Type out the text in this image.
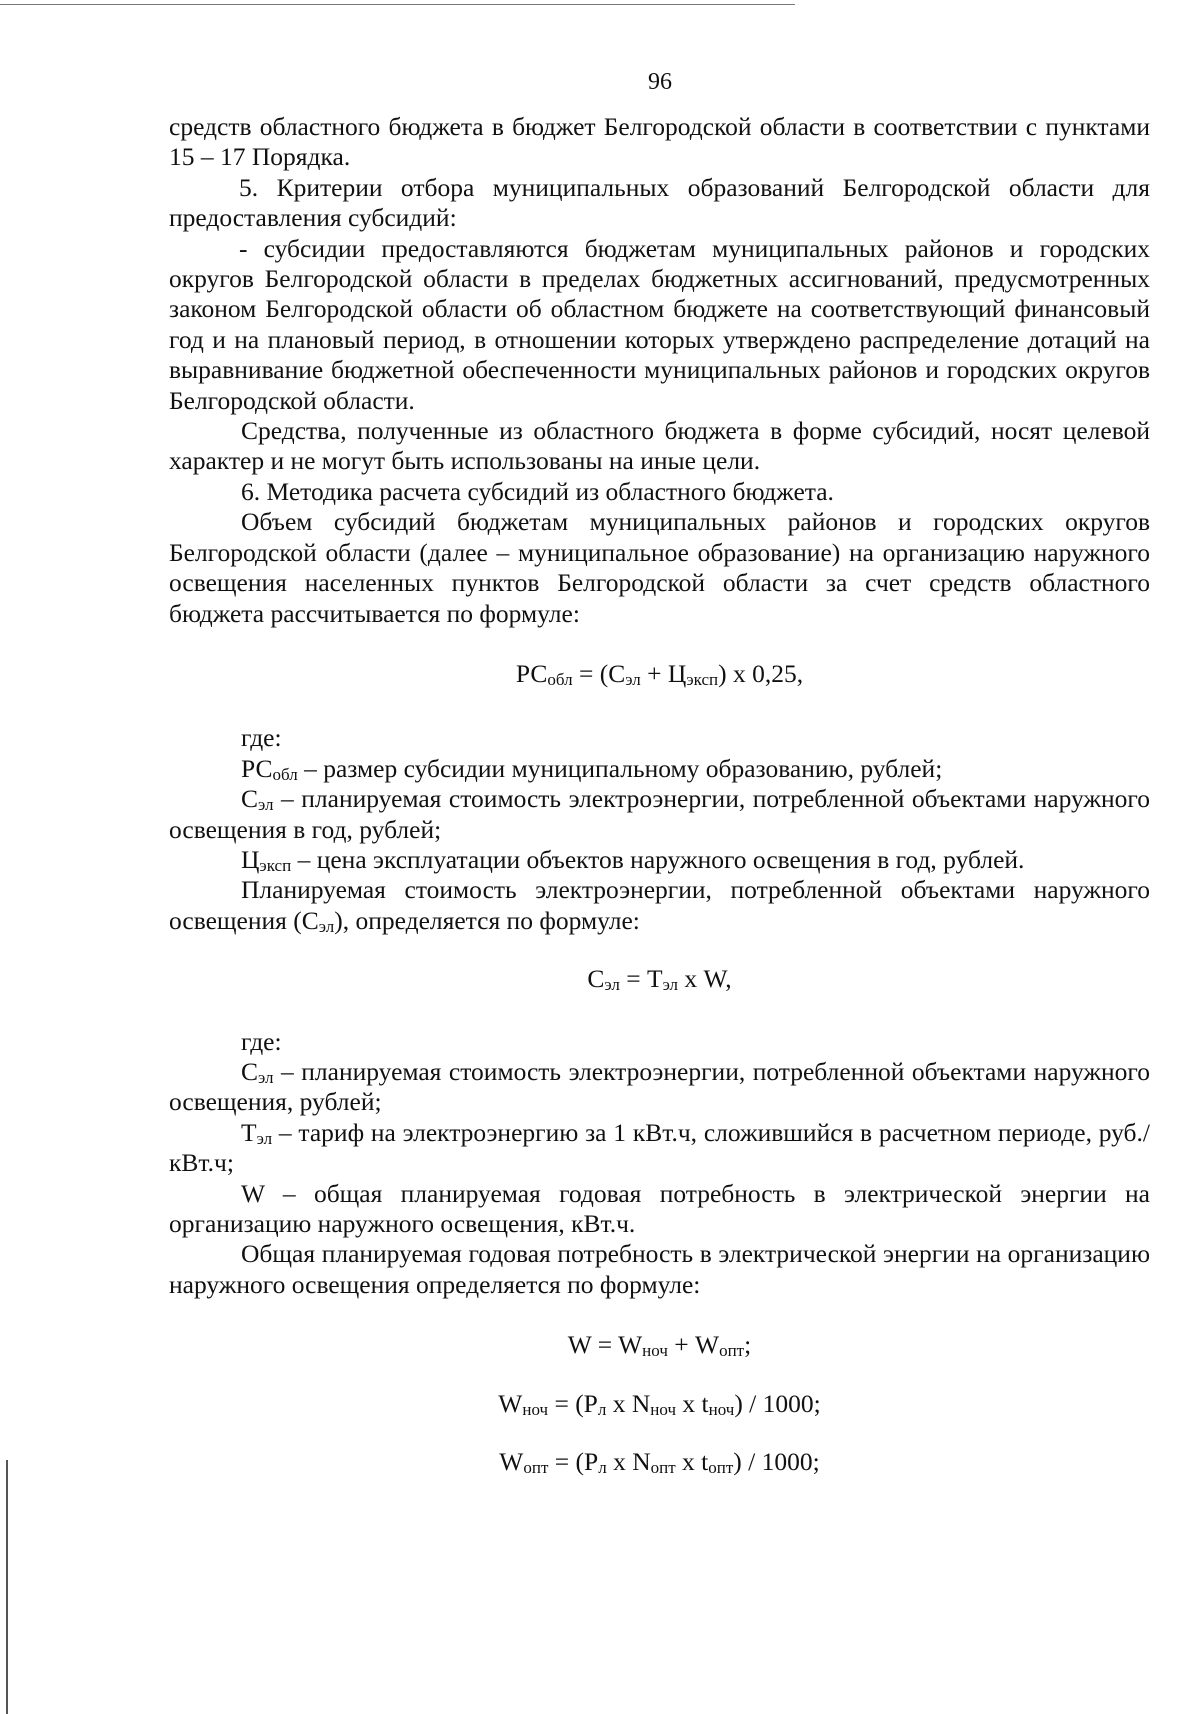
96

средств областного бюджета в бюджет Белгородской области в соответствии с пунктами 15 – 17 Порядка.

5. Критерии отбора муниципальных образований Белгородской области для предоставления субсидий:

- субсидии предоставляются бюджетам муниципальных районов и городских округов Белгородской области в пределах бюджетных ассигнований, предусмотренных законом Белгородской области об областном бюджете на соответствующий финансовый год и на плановый период, в отношении которых утверждено распределение дотаций на выравнивание бюджетной обеспеченности муниципальных районов и городских округов Белгородской области.

Средства, полученные из областного бюджета в форме субсидий, носят целевой характер и не могут быть использованы на иные цели.

6. Методика расчета субсидий из областного бюджета.

Объем субсидий бюджетам муниципальных районов и городских округов Белгородской области (далее – муниципальное образование) на организацию наружного освещения населенных пунктов Белгородской области за счет средств областного бюджета рассчитывается по формуле:

$РС_{обл} = (С_{эл} + Ц_{эксп})$ х 0,25,

где:

$РС_{обл}$ – размер субсидии муниципальному образованию, рублей;

$С_{эл}$ – планируемая стоимость электроэнергии, потребленной объектами наружного освещения в год, рублей;

$Ц_{эксп}$ – цена эксплуатации объектов наружного освещения в год, рублей.

Планируемая стоимость электроэнергии, потребленной объектами наружного освещения $(С_{эл})$, определяется по формуле:

$С_{эл} = Т_{эл}$ х W,

где:

$С_{эл}$ – планируемая стоимость электроэнергии, потребленной объектами наружного освещения, рублей;

$Т_{эл}$ – тариф на электроэнергию за 1 кВт.ч, сложившийся в расчетном периоде, руб./кВт.ч;

W – общая планируемая годовая потребность в электрической энергии на организацию наружного освещения, кВт.ч.

Общая планируемая годовая потребность в электрической энергии на организацию наружного освещения определяется по формуле:

$W = W_{ноч} + W_{опт}$;

$W_{ноч} = (Р_л$ х $N_{ноч}$ х $t_{ноч}) / 1000$;

$W_{опт} = (Р_л$ х $N_{опт}$ х $t_{опт}) / 1000$;
